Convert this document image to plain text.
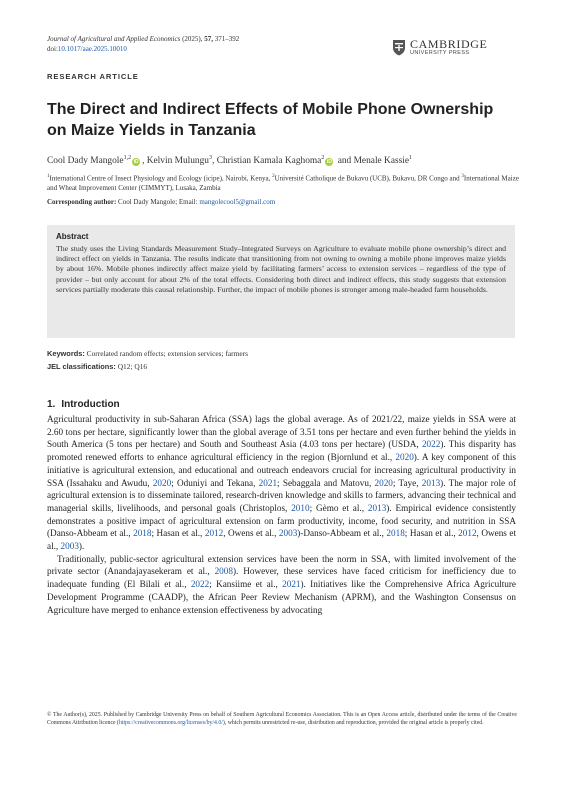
Journal of Agricultural and Applied Economics (2025), 57, 371–392
doi:10.1017/aae.2025.10010	CAMBRIDGE
UNIVERSITY PRESS
RESEARCH ARTICLE
The Direct and Indirect Effects of Mobile Phone Ownership on Maize Yields in Tanzania
Cool Dady Mangole$^{1,2}$iD , Kelvin Mulungu$^3$, Christian Kamala Kaghoma$^2$iD and Menale Kassie$^1$
$^1$International Centre of Insect Physiology and Ecology (icipe), Nairobi, Kenya, $^2$Université Catholique de Bukavu (UCB), Bukavu, DR Congo and $^3$International Maize and Wheat Improvement Center (CIMMYT), Lusaka, Zambia
Corresponding author: Cool Dady Mangole; Email: mangolecool5@gmail.com
Abstract
The study uses the Living Standards Measurement Study–Integrated Surveys on Agriculture to evaluate mobile phone ownership’s direct and indirect effect on yields in Tanzania. The results indicate that transitioning from not owning to owning a mobile phone improves maize yields by about 16%. Mobile phones indirectly affect maize yield by facilitating farmers’ access to extension services – regardless of the type of provider – but only account for about 2% of the total effects. Considering both direct and indirect effects, this study suggests that extension services partially moderate this causal relationship. Further, the impact of mobile phones is stronger among male-headed farm households.
Keywords: Correlated random effects; extension services; farmers
JEL classifications: Q12; Q16
1. Introduction

Agricultural productivity in sub-Saharan Africa (SSA) lags the global average. As of 2021/22, maize yields in SSA were at 2.60 tons per hectare, significantly lower than the global average of 3.51 tons per hectare and even further behind the yields in South America (5 tons per hectare) and South and Southeast Asia (4.03 tons per hectare) (USDA, 2022). This disparity has promoted renewed efforts to enhance agricultural efficiency in the region (Bjornlund et al., 2020). A key component of this initiative is agricultural extension, and educational and outreach endeavors crucial for increasing agricultural productivity in SSA (Issahaku and Awudu, 2020; Oduniyi and Tekana, 2021; Sebaggala and Matovu, 2020; Taye, 2013). The major role of agricultural extension is to disseminate tailored, research-driven knowledge and skills to farmers, advancing their technical and managerial skills, livelihoods, and personal goals (Christoplos, 2010; Gèmo et al., 2013). Empirical evidence consistently demonstrates a positive impact of agricultural extension on farm productivity, income, food security, and nutrition in SSA (Danso-Abbeam et al., 2018; Hasan et al., 2012, Owens et al., 2003)-Danso-Abbeam et al., 2018; Hasan et al., 2012, Owens et al., 2003).

Traditionally, public-sector agricultural extension services have been the norm in SSA, with limited involvement of the private sector (Anandajayasekeram et al., 2008). However, these services have faced criticism for inefficiency due to inadequate funding (El Bilali et al., 2022; Kansiime et al., 2021). Initiatives like the Comprehensive Africa Agriculture Development Programme (CAADP), the African Peer Review Mechanism (APRM), and the Washington Consensus on Agriculture have merged to enhance extension effectiveness by advocating

© The Author(s), 2025. Published by Cambridge University Press on behalf of Southern Agricultural Economics Association. This is an Open Access article, distributed under the terms of the Creative Commons Attribution licence (https://creativecommons.org/licenses/by/4.0/), which permits unrestricted re-use, distribution and reproduction, provided the original article is properly cited.
